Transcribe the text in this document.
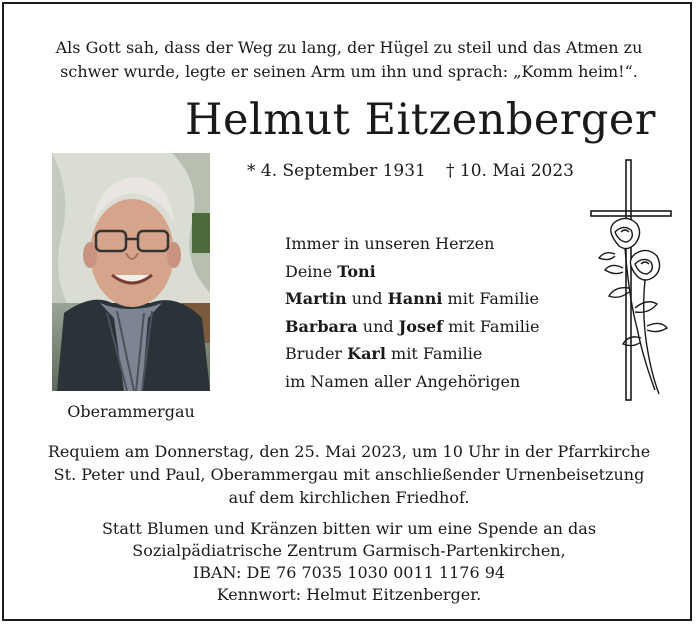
Als Gott sah, dass der Weg zu lang, der Hügel zu steil und das Atmen zu
schwer wurde, legte er seinen Arm um ihn und sprach: „Komm heim!“.
Helmut Eitzenberger
* 4. September 1931 † 10. Mai 2023
Oberammergau
Immer in unseren Herzen
Deine Toni
Martin und Hanni mit Familie
Barbara und Josef mit Familie
Bruder Karl mit Familie
im Namen aller Angehörigen
Requiem am Donnerstag, den 25. Mai 2023, um 10 Uhr in der Pfarrkirche
St. Peter und Paul, Oberammergau mit anschließender Urnenbeisetzung
auf dem kirchlichen Friedhof.
Statt Blumen und Kränzen bitten wir um eine Spende an das
Sozialpädiatrische Zentrum Garmisch-Partenkirchen,
IBAN: DE 76 7035 1030 0011 1176 94
Kennwort: Helmut Eitzenberger.
